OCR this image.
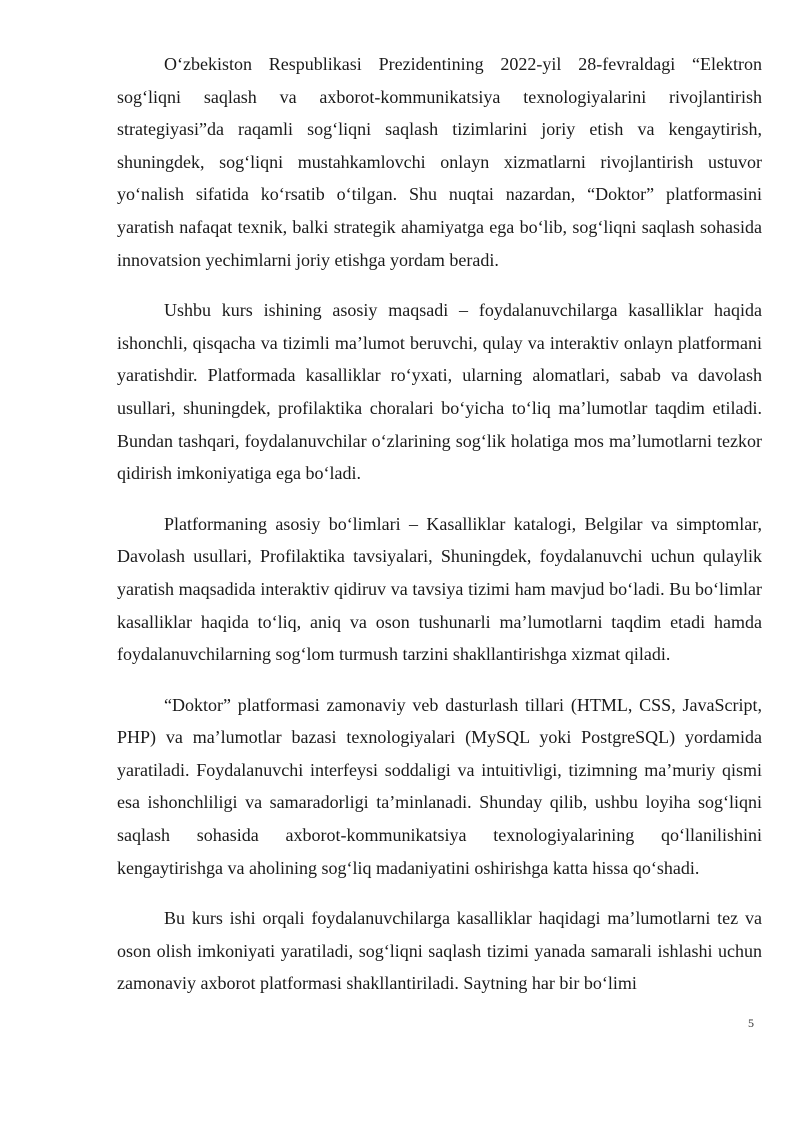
O‘zbekiston Respublikasi Prezidentining 2022-yil 28-fevraldagi “Elektron sog‘liqni saqlash va axborot-kommunikatsiya texnologiyalarini rivojlantirish strategiyasi”da raqamli sog‘liqni saqlash tizimlarini joriy etish va kengaytirish, shuningdek, sog‘liqni mustahkamlovchi onlayn xizmatlarni rivojlantirish ustuvor yo‘nalish sifatida ko‘rsatib o‘tilgan. Shu nuqtai nazardan, “Doktor” platformasini yaratish nafaqat texnik, balki strategik ahamiyatga ega bo‘lib, sog‘liqni saqlash sohasida innovatsion yechimlarni joriy etishga yordam beradi.

Ushbu kurs ishining asosiy maqsadi – foydalanuvchilarga kasalliklar haqida ishonchli, qisqacha va tizimli ma’lumot beruvchi, qulay va interaktiv onlayn platformani yaratishdir. Platformada kasalliklar ro‘yxati, ularning alomatlari, sabab va davolash usullari, shuningdek, profilaktika choralari bo‘yicha to‘liq ma’lumotlar taqdim etiladi. Bundan tashqari, foydalanuvchilar o‘zlarining sog‘lik holatiga mos ma’lumotlarni tezkor qidirish imkoniyatiga ega bo‘ladi.

Platformaning asosiy bo‘limlari – Kasalliklar katalogi, Belgilar va simptomlar, Davolash usullari, Profilaktika tavsiyalari, Shuningdek, foydalanuvchi uchun qulaylik yaratish maqsadida interaktiv qidiruv va tavsiya tizimi ham mavjud bo‘ladi. Bu bo‘limlar kasalliklar haqida to‘liq, aniq va oson tushunarli ma’lumotlarni taqdim etadi hamda foydalanuvchilarning sog‘lom turmush tarzini shakllantirishga xizmat qiladi.

“Doktor” platformasi zamonaviy veb dasturlash tillari (HTML, CSS, JavaScript, PHP) va ma’lumotlar bazasi texnologiyalari (MySQL yoki PostgreSQL) yordamida yaratiladi. Foydalanuvchi interfeysi soddaligi va intuitivligi, tizimning ma’muriy qismi esa ishonchliligi va samaradorligi ta’minlanadi. Shunday qilib, ushbu loyiha sog‘liqni saqlash sohasida axborot-kommunikatsiya texnologiyalarining qo‘llanilishini kengaytirishga va aholining sog‘liq madaniyatini oshirishga katta hissa qo‘shadi.

Bu kurs ishi orqali foydalanuvchilarga kasalliklar haqidagi ma’lumotlarni tez va oson olish imkoniyati yaratiladi, sog‘liqni saqlash tizimi yanada samarali ishlashi uchun zamonaviy axborot platformasi shakllantiriladi. Saytning har bir bo‘limi

5
